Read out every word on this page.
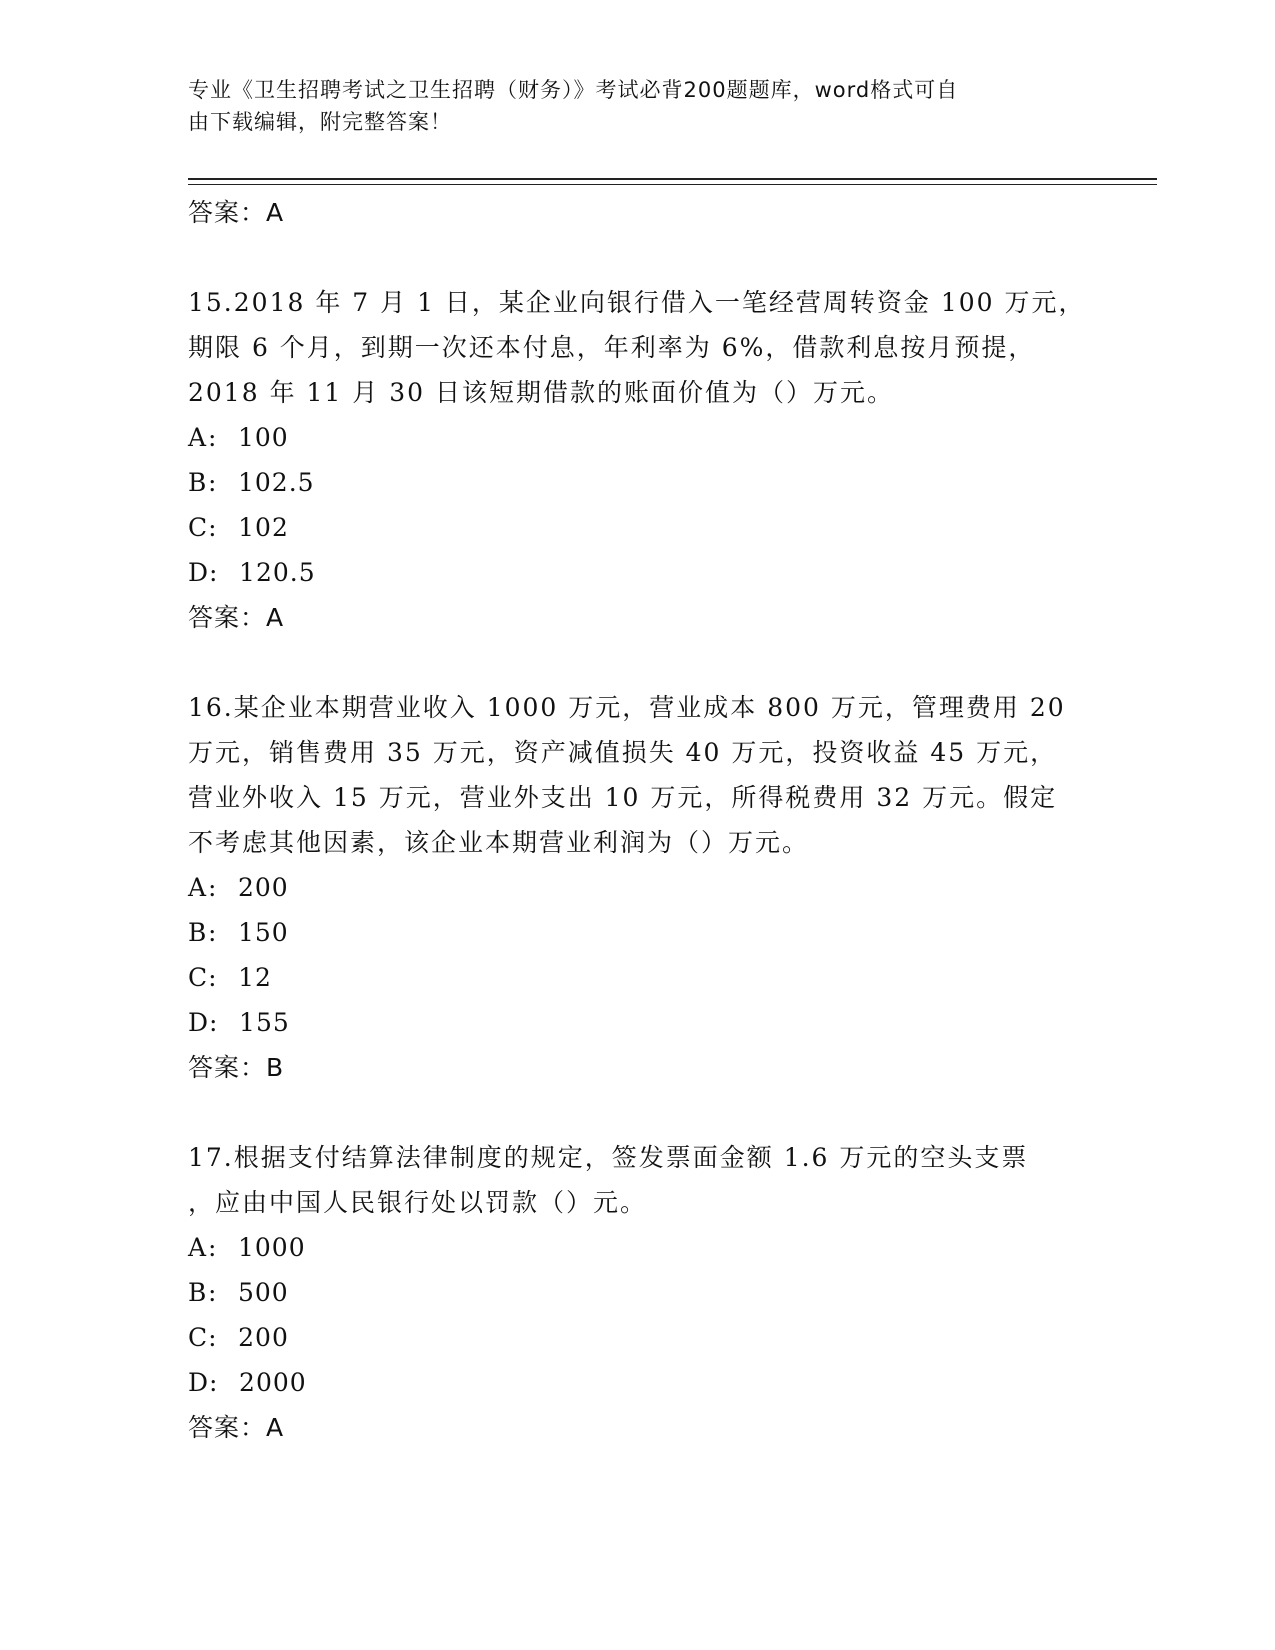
专业《卫生招聘考试之卫生招聘（财务）》考试必背200题题库，word格式可自
由下载编辑，附完整答案！

答案：A

15.2018 年 7 月 1 日，某企业向银行借入一笔经营周转资金 100 万元，

期限 6 个月，到期一次还本付息，年利率为 6%，借款利息按月预提，

2018 年 11 月 30 日该短期借款的账面价值为（）万元。

A: 100

B: 102.5

C: 102

D: 120.5

答案：A

16.某企业本期营业收入 1000 万元，营业成本 800 万元，管理费用 20

万元，销售费用 35 万元，资产减值损失 40 万元，投资收益 45 万元，

营业外收入 15 万元，营业外支出 10 万元，所得税费用 32 万元。假定

不考虑其他因素，该企业本期营业利润为（）万元。

A: 200

B: 150

C: 12

D: 155

答案：B

17.根据支付结算法律制度的规定，签发票面金额 1.6 万元的空头支票

，应由中国人民银行处以罚款（）元。

A: 1000

B: 500

C: 200

D: 2000

答案：A
